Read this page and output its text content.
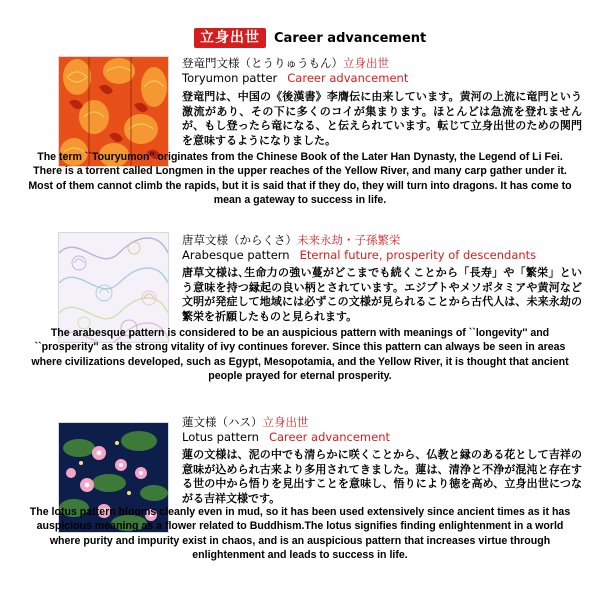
立身出世	Career advancement
登竜門文様（とうりゅうもん）立身出世
Toryumon patter Career advancement
登竜門は、中国の《後漢書》李膺伝に由来しています。黄河の上流に竜門という激流があり、その下に多くのコイが集まります。ほとんどは急流を登れませんが、もし登ったら竜になる、と伝えられています。転じて立身出世のための関門を意味するようになりました。
The term ``Touryumon'' originates from the Chinese Book of the Later Han Dynasty, the Legend of Li Fei. There is a torrent called Longmen in the upper reaches of the Yellow River, and many carp gather under it. Most of them cannot climb the rapids, but it is said that if they do, they will turn into dragons. It has come to mean a gateway to success in life.
唐草文様（からくさ）未来永劫・子孫繁栄
Arabesque pattern Eternal future, prosperity of descendants
唐草文様は､生命力の強い蔓がどこまでも続くことから「長寿」や「繁栄」という意味を持つ縁起の良い柄とされています。エジプトやメソポタミアや黄河など文明が発症して地域には必ずこの文様が見られることから古代人は、未来永劫の繁栄を祈願したものと見られます。
The arabesque pattern is considered to be an auspicious pattern with meanings of ``longevity'' and ``prosperity'' as the strong vitality of ivy continues forever. Since this pattern can always be seen in areas where civilizations developed, such as Egypt, Mesopotamia, and the Yellow River, it is thought that ancient people prayed for eternal prosperity.
蓮文様（ハス）立身出世
Lotus pattern Career advancement
蓮の文様は、泥の中でも清らかに咲くことから、仏教と縁のある花として吉祥の意味が込められ古来より多用されてきました。蓮は、清浄と不浄が混沌と存在する世の中から悟りを見出すことを意味し、悟りにより徳を高め、立身出世につながる吉祥文様です。
The lotus pattern blooms cleanly even in mud, so it has been used extensively since ancient times as it has auspicious meaning as a flower related to Buddhism.The lotus signifies finding enlightenment in a world where purity and impurity exist in chaos, and is an auspicious pattern that increases virtue through enlightenment and leads to success in life.
